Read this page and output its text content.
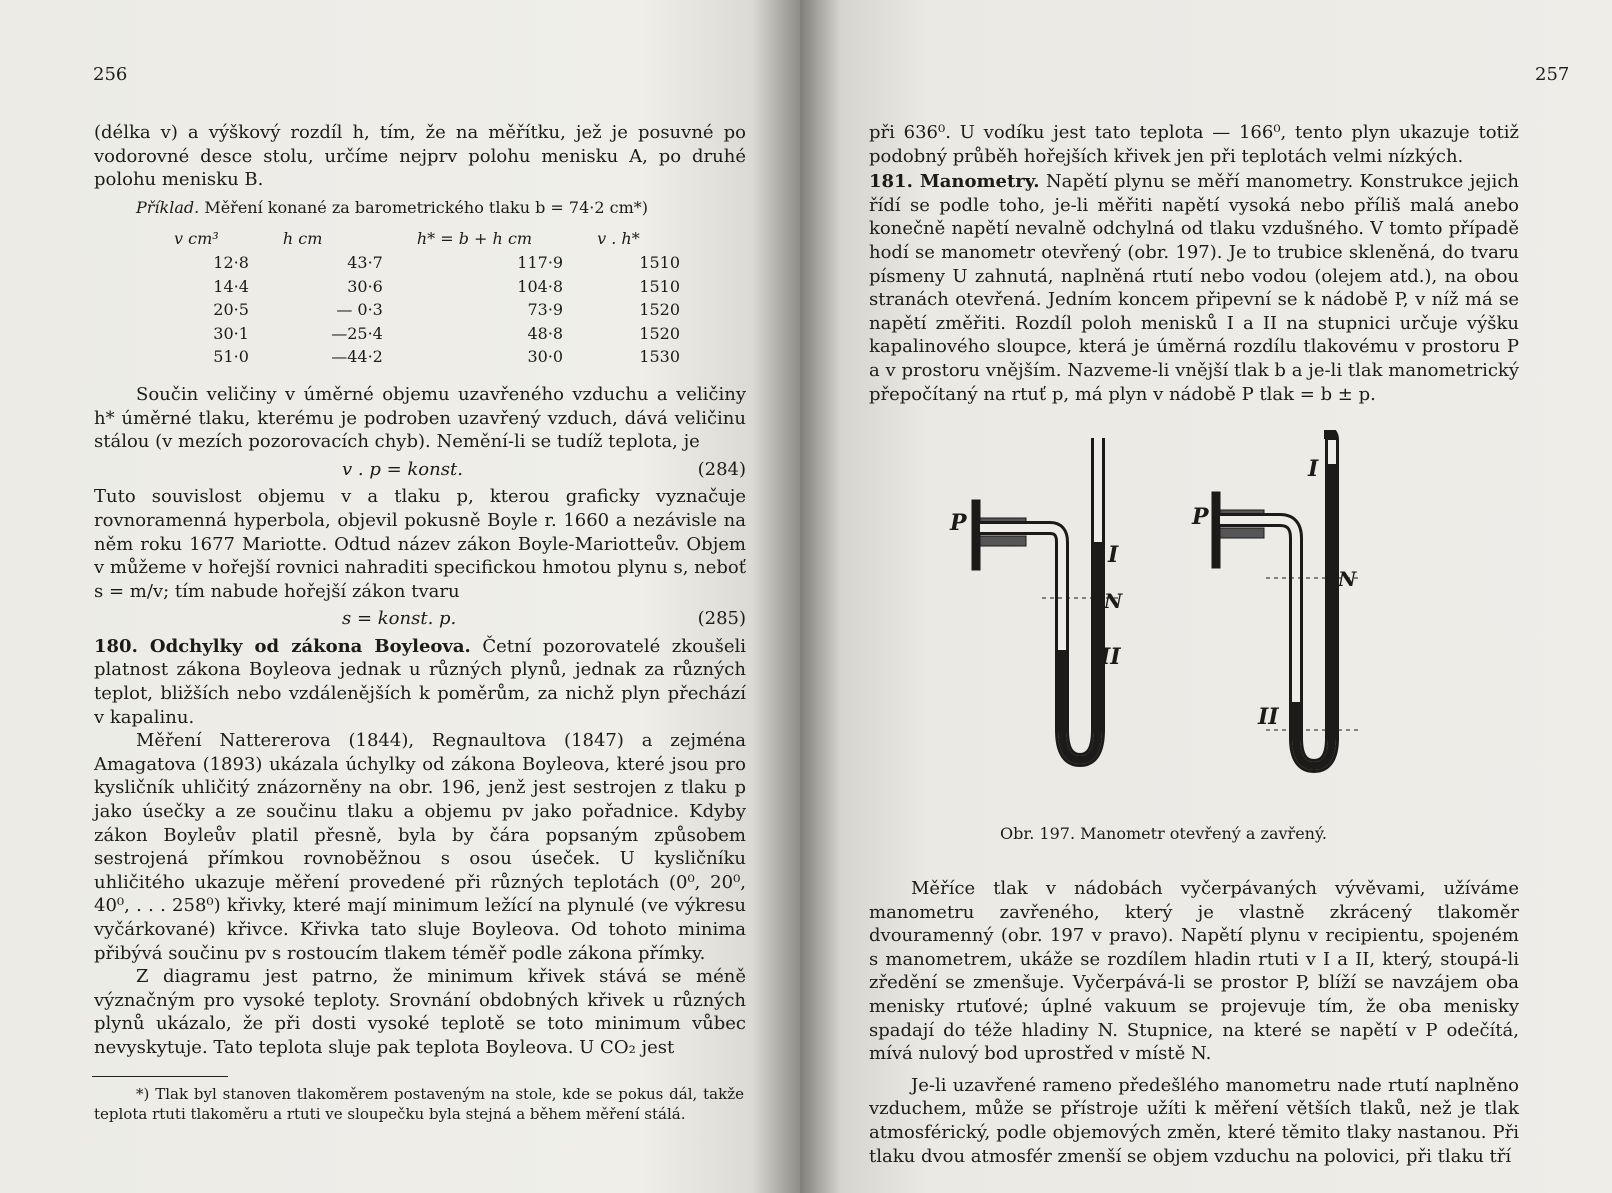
256

(délka v) a výškový rozdíl h, tím, že na měřítku, jež je posuvné po vodorovné desce stolu, určíme nejprv polohu menisku A, po druhé polohu menisku B.

Příklad. Měření konané za barometrického tlaku b = 74·2 cm*)

v cm³	h cm	h* = b + h cm	v . h*
12·8	43·7	117·9	1510
14·4	30·6	104·8	1510
20·5	— 0·3	73·9	1520
30·1	—25·4	48·8	1520
51·0	—44·2	30·0	1530

Součin veličiny v úměrné objemu uzavřeného vzduchu a veličiny h* úměrné tlaku, kterému je podroben uzavřený vzduch, dává veličinu stálou (v mezích pozorovacích chyb). Nemění-li se tudíž teplota, je

v . p = konst.	(284)

Tuto souvislost objemu v a tlaku p, kterou graficky vyznačuje rovnoramenná hyperbola, objevil pokusně Boyle r. 1660 a nezávisle na něm roku 1677 Mariotte. Odtud název zákon Boyle-Mariotteův. Objem v můžeme v hořejší rovnici nahraditi specifickou hmotou plynu s, neboť s = m/v; tím nabude hořejší zákon tvaru

s = konst. p.	(285)

180. Odchylky od zákona Boyleova. Četní pozorovatelé zkoušeli platnost zákona Boyleova jednak u různých plynů, jednak za různých teplot, bližších nebo vzdálenějších k poměrům, za nichž plyn přechází v kapalinu.

Měření Nattererova (1844), Regnaultova (1847) a zejména Amagatova (1893) ukázala úchylky od zákona Boyleova, které jsou pro kysličník uhličitý znázorněny na obr. 196, jenž jest sestrojen z tlaku p jako úsečky a ze součinu tlaku a objemu pv jako pořadnice. Kdyby zákon Boyleův platil přesně, byla by čára popsaným způsobem sestrojená přímkou rovnoběžnou s osou úseček. U kysličníku uhličitého ukazuje měření provedené při různých teplotách (0⁰, 20⁰, 40⁰, . . . 258⁰) křivky, které mají minimum ležící na plynulé (ve výkresu vyčárkované) křivce. Křivka tato sluje Boyleova. Od tohoto minima přibývá součinu pv s rostoucím tlakem téměř podle zákona přímky.

Z diagramu jest patrno, že minimum křivek stává se méně význačným pro vysoké teploty. Srovnání obdobných křivek u různých plynů ukázalo, že při dosti vysoké teplotě se toto minimum vůbec nevyskytuje. Tato teplota sluje pak teplota Boyleova. U CO₂ jest

*) Tlak byl stanoven tlakoměrem postaveným na stole, kde se pokus dál, takže teplota rtuti tlakoměru a rtuti ve sloupečku byla stejná a během měření stálá.
257

při 636⁰. U vodíku jest tato teplota — 166⁰, tento plyn ukazuje totiž podobný průběh hořejších křivek jen při teplotách velmi nízkých.

181. Manometry. Napětí plynu se měří manometry. Konstrukce jejich řídí se podle toho, je-li měřiti napětí vysoká nebo příliš malá anebo konečně napětí nevalně odchylná od tlaku vzdušného. V tomto případě hodí se manometr otevřený (obr. 197). Je to trubice skleněná, do tvaru písmeny U zahnutá, naplněná rtutí nebo vodou (olejem atd.), na obou stranách otevřená. Jedním koncem připevní se k nádobě P, v níž má se napětí změřiti. Rozdíl poloh menisků I a II na stupnici určuje výšku kapalinového sloupce, která je úměrná rozdílu tlakovému v prostoru P a v prostoru vnějším. Nazveme-li vnější tlak b a je-li tlak manometrický přepočítaný na rtuť p, má plyn v nádobě P tlak = b ± p.

P
I
N
II
P
I
N
II
Obr. 197. Manometr otevřený a zavřený.

Měříce tlak v nádobách vyčerpávaných vývěvami, užíváme manometru zavřeného, který je vlastně zkrácený tlakoměr dvouramenný (obr. 197 v pravo). Napětí plynu v recipientu, spojeném s manometrem, ukáže se rozdílem hladin rtuti v I a II, který, stoupá-li zředění se zmenšuje. Vyčerpává-li se prostor P, blíží se navzájem oba menisky rtuťové; úplné vakuum se projevuje tím, že oba menisky spadají do téže hladiny N. Stupnice, na které se napětí v P odečítá, mívá nulový bod uprostřed v místě N.

Je-li uzavřené rameno předešlého manometru nade rtutí naplněno vzduchem, může se přístroje užíti k měření větších tlaků, než je tlak atmosférický, podle objemových změn, které těmito tlaky nastanou. Při tlaku dvou atmosfér zmenší se objem vzduchu na polovici, při tlaku tří
